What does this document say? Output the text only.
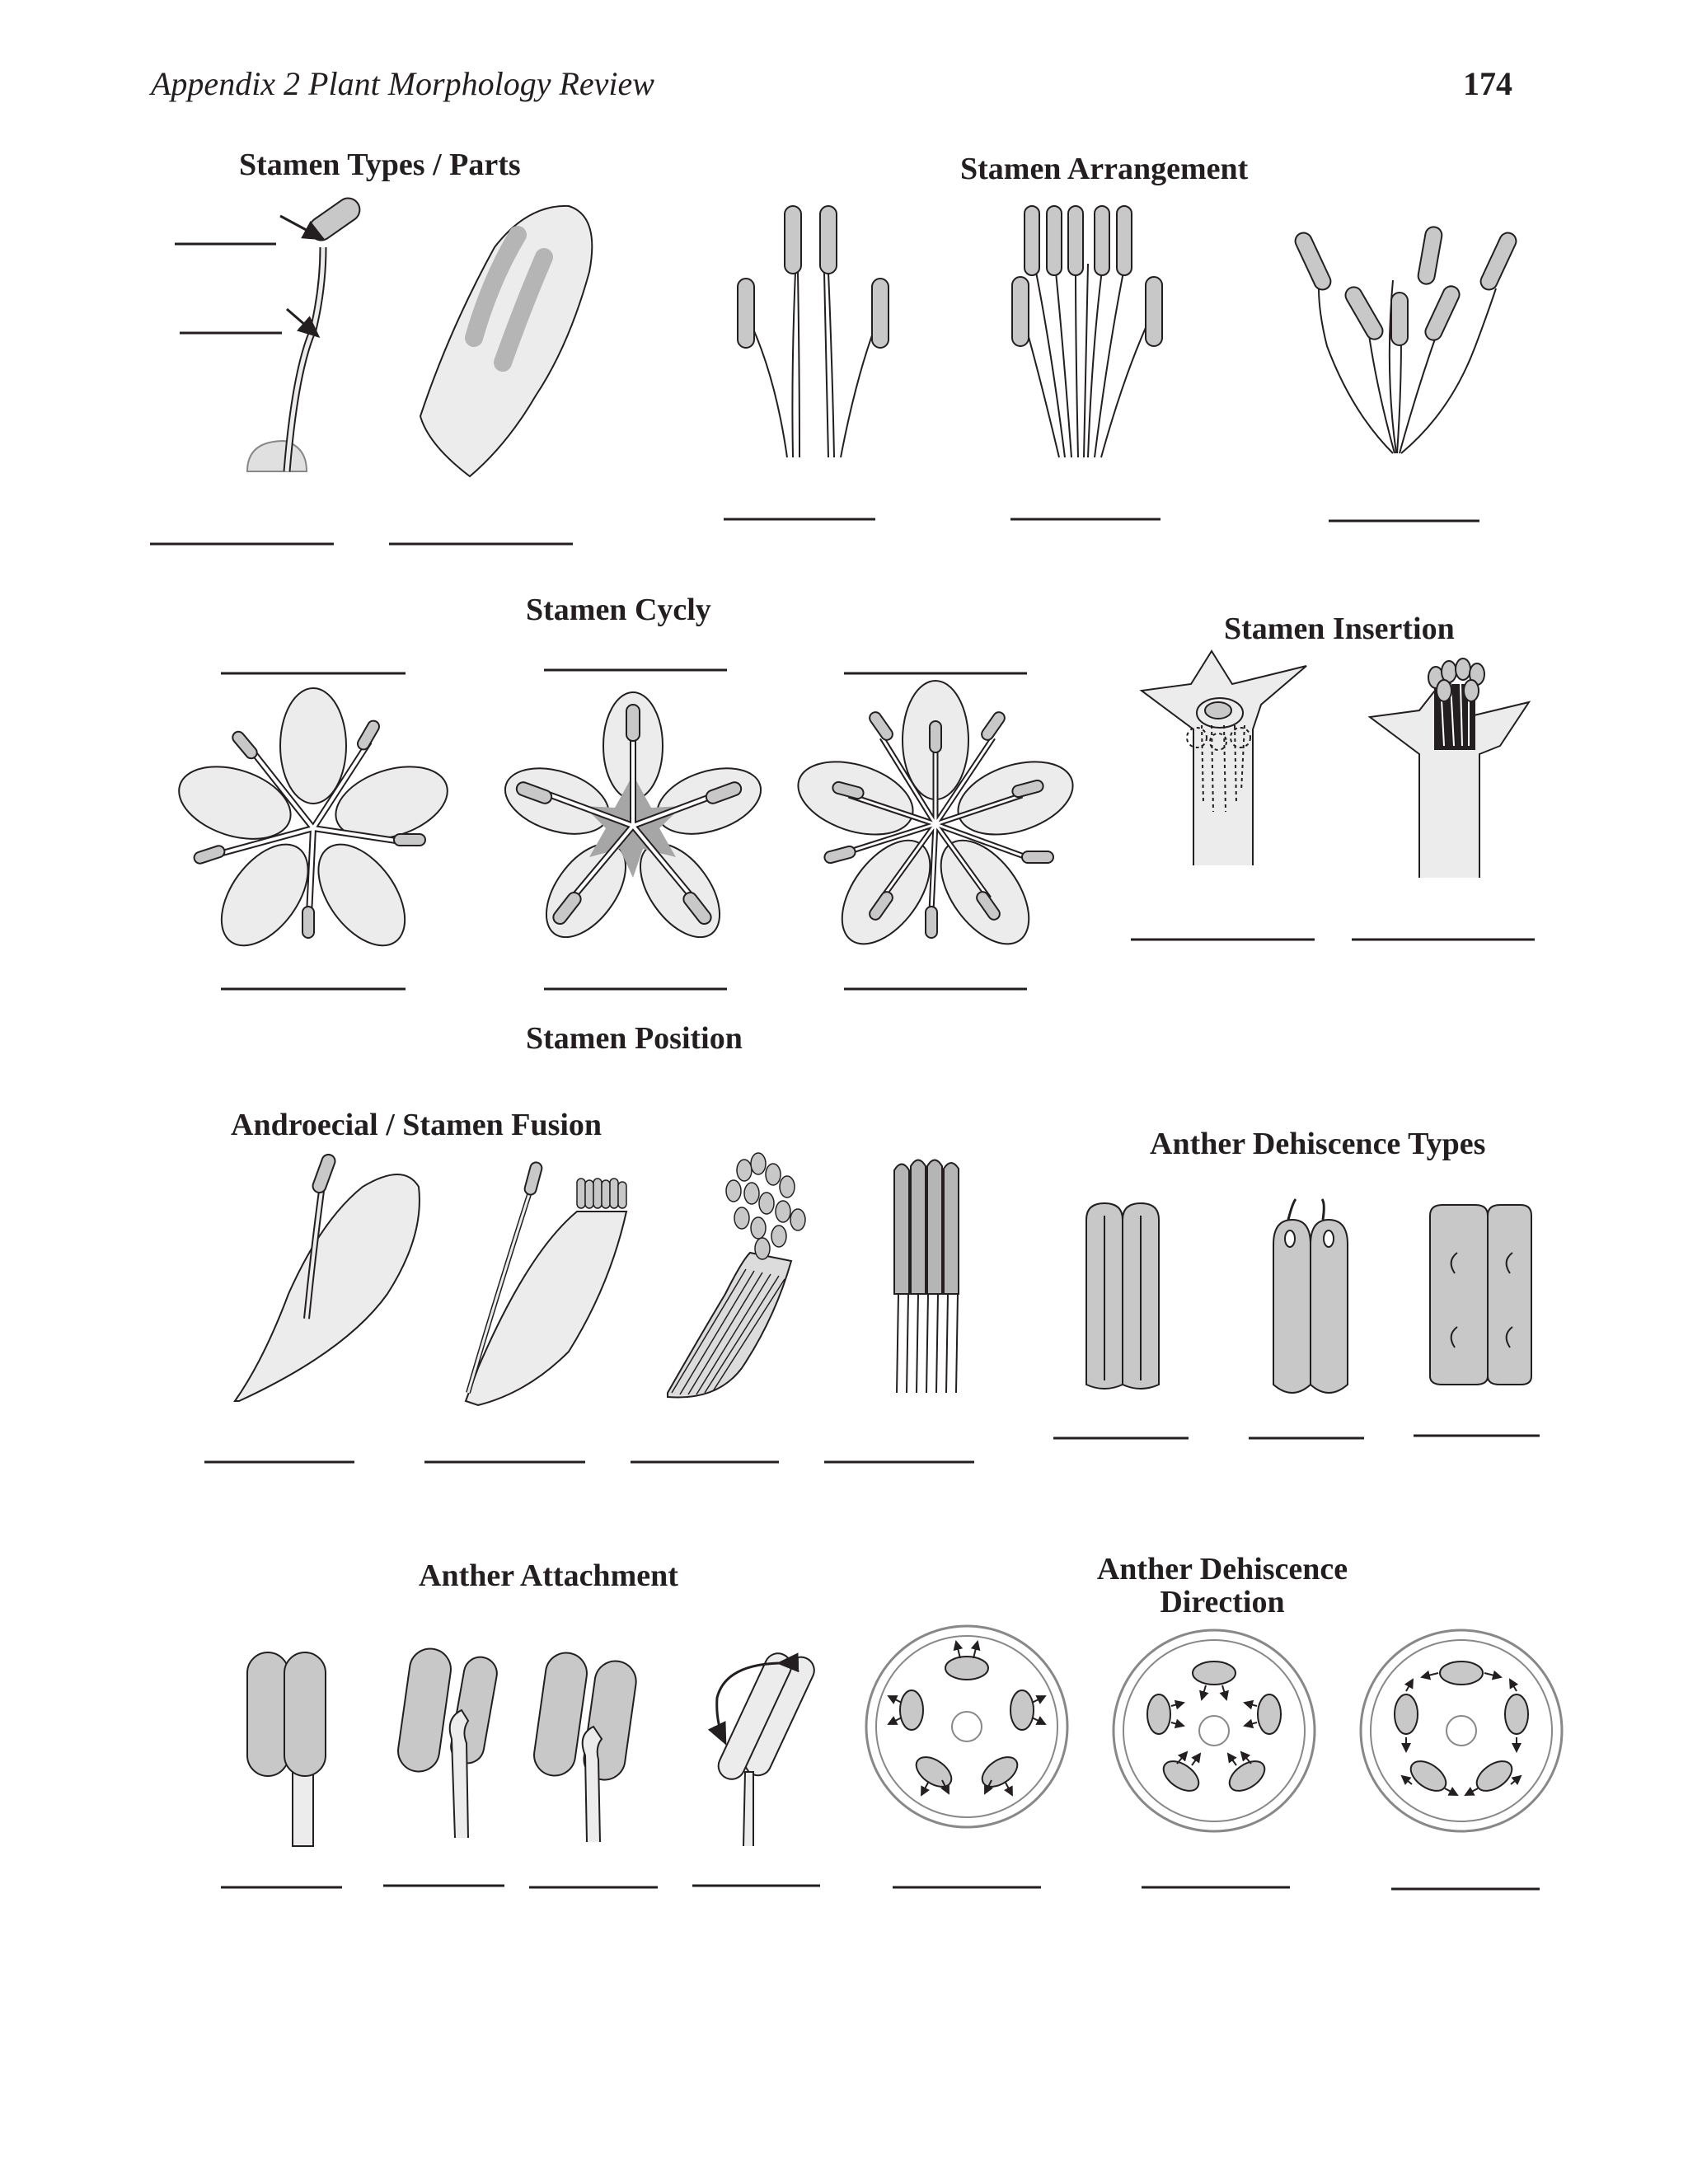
Appendix 2 Plant Morphology Review	174
Stamen Types / Parts	Stamen Arrangement
Stamen Cycly
Stamen Insertion
Stamen Position
Androecial / Stamen Fusion
Anther Dehiscence Types
Anther Attachment	Anther Dehiscence
Direction
